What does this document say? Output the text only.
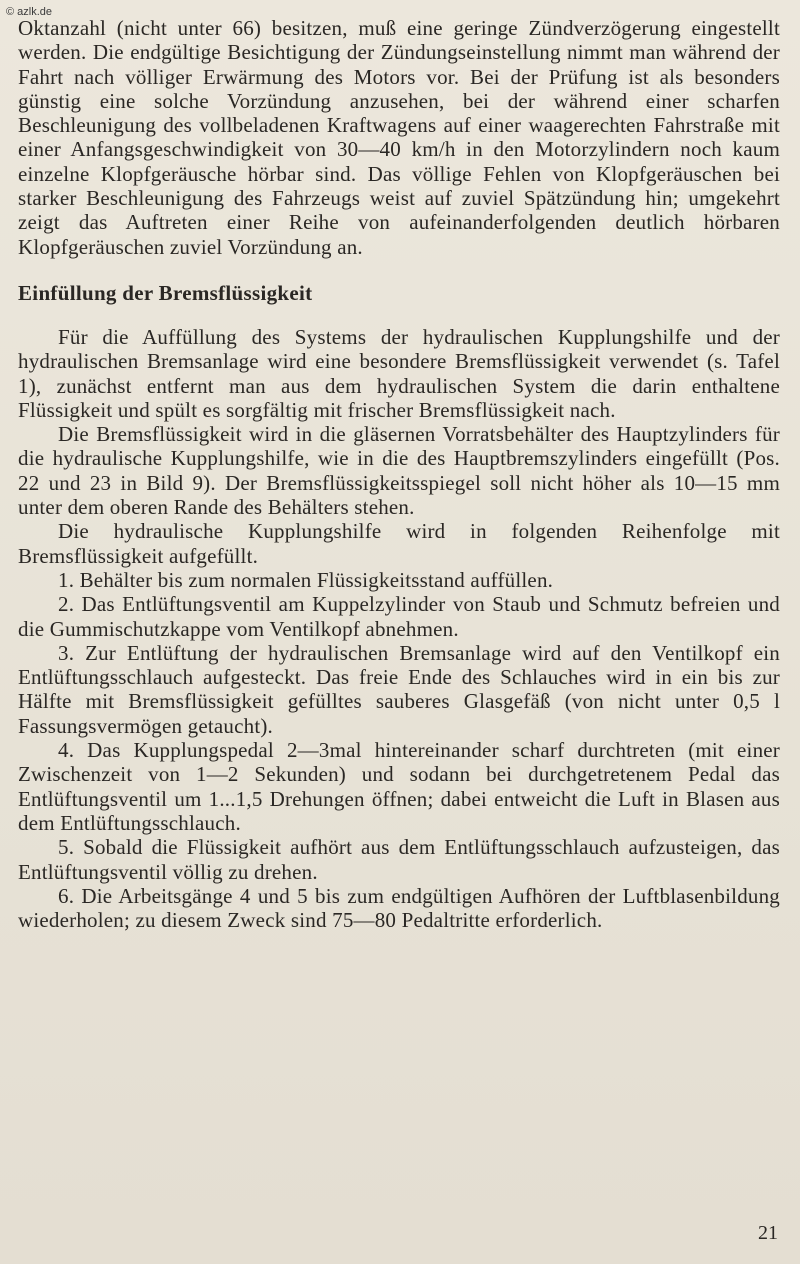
© azlk.de

Oktanzahl (nicht unter 66) besitzen, muß eine geringe Zündverzögerung eingestellt werden. Die endgültige Besichtigung der Zündungseinstellung nimmt man während der Fahrt nach völliger Erwärmung des Motors vor. Bei der Prüfung ist als besonders günstig eine solche Vorzündung anzusehen, bei der während einer scharfen Beschleunigung des vollbeladenen Kraftwagens auf einer waagerechten Fahrstraße mit einer Anfangsgeschwindigkeit von 30—40 km/h in den Motorzylindern noch kaum einzelne Klopfgeräusche hörbar sind. Das völlige Fehlen von Klopfgeräuschen bei starker Beschleunigung des Fahrzeugs weist auf zuviel Spätzündung hin; umgekehrt zeigt das Auftreten einer Reihe von aufeinanderfolgenden deutlich hörbaren Klopfgeräuschen zuviel Vorzündung an.

Einfüllung der Bremsflüssigkeit

Für die Auffüllung des Systems der hydraulischen Kupplungshilfe und der hydraulischen Bremsanlage wird eine besondere Bremsflüssigkeit verwendet (s. Tafel 1), zunächst entfernt man aus dem hydraulischen System die darin enthaltene Flüssigkeit und spült es sorgfältig mit frischer Bremsflüssigkeit nach.

Die Bremsflüssigkeit wird in die gläsernen Vorratsbehälter des Hauptzylinders für die hydraulische Kupplungshilfe, wie in die des Hauptbremszylinders eingefüllt (Pos. 22 und 23 in Bild 9). Der Bremsflüssigkeitsspiegel soll nicht höher als 10—15 mm unter dem oberen Rande des Behälters stehen.

Die hydraulische Kupplungshilfe wird in folgenden Reihenfolge mit Bremsflüssigkeit aufgefüllt.

1. Behälter bis zum normalen Flüssigkeitsstand auffüllen.

2. Das Entlüftungsventil am Kuppelzylinder von Staub und Schmutz befreien und die Gummischutzkappe vom Ventilkopf abnehmen.

3. Zur Entlüftung der hydraulischen Bremsanlage wird auf den Ventilkopf ein Entlüftungsschlauch aufgesteckt. Das freie Ende des Schlauches wird in ein bis zur Hälfte mit Bremsflüssigkeit gefülltes sauberes Glasgefäß (von nicht unter 0,5 l Fassungsvermögen getaucht).

4. Das Kupplungspedal 2—3mal hintereinander scharf durchtreten (mit einer Zwischenzeit von 1—2 Sekunden) und sodann bei durchgetretenem Pedal das Entlüftungsventil um 1...1,5 Drehungen öffnen; dabei entweicht die Luft in Blasen aus dem Entlüftungsschlauch.

5. Sobald die Flüssigkeit aufhört aus dem Entlüftungsschlauch aufzusteigen, das Entlüftungsventil völlig zu drehen.

6. Die Arbeitsgänge 4 und 5 bis zum endgültigen Aufhören der Luftblasenbildung wiederholen; zu diesem Zweck sind 75—80 Pedaltritte erforderlich.

21
